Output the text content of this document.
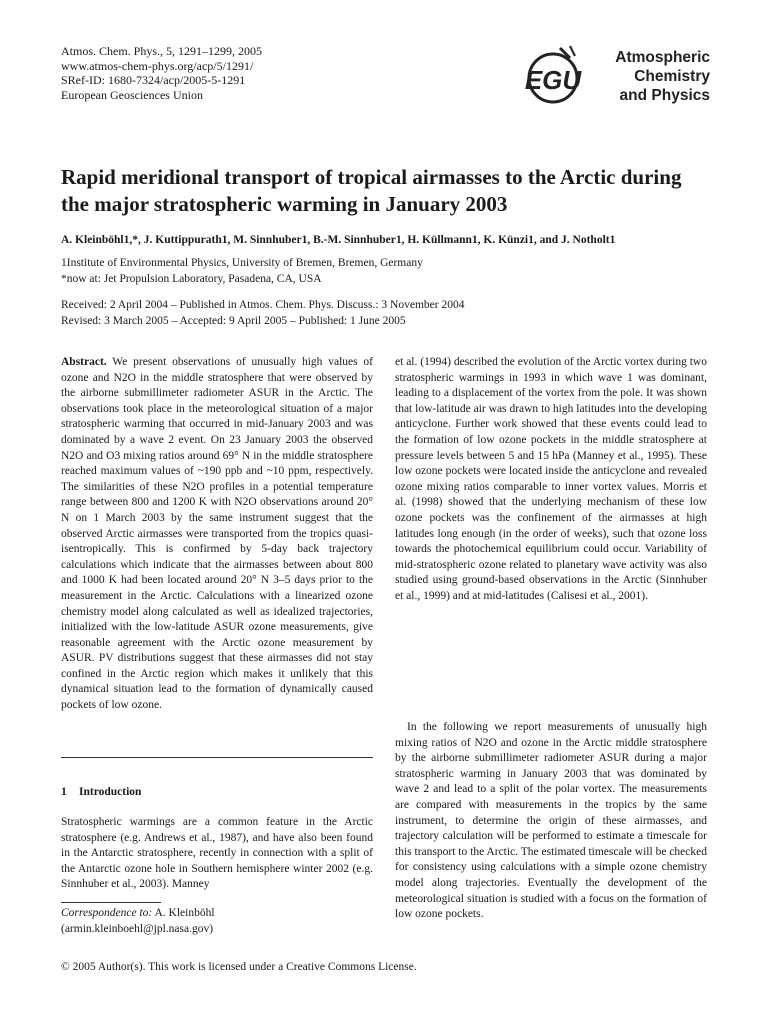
Atmos. Chem. Phys., 5, 1291–1299, 2005
www.atmos-chem-phys.org/acp/5/1291/
SRef-ID: 1680-7324/acp/2005-5-1291
European Geosciences Union	EGU
Atmospheric
Chemistry
and Physics
Rapid meridional transport of tropical airmasses to the Arctic during the major stratospheric warming in January 2003
A. Kleinböhl1,*, J. Kuttippurath1, M. Sinnhuber1, B.-M. Sinnhuber1, H. Küllmann1, K. Künzi1, and J. Notholt1
1Institute of Environmental Physics, University of Bremen, Bremen, Germany
*now at: Jet Propulsion Laboratory, Pasadena, CA, USA
Received: 2 April 2004 – Published in Atmos. Chem. Phys. Discuss.: 3 November 2004
Revised: 3 March 2005 – Accepted: 9 April 2005 – Published: 1 June 2005

Abstract. We present observations of unusually high values of ozone and N2O in the middle stratosphere that were observed by the airborne submillimeter radiometer ASUR in the Arctic. The observations took place in the meteorological situation of a major stratospheric warming that occurred in mid-January 2003 and was dominated by a wave 2 event. On 23 January 2003 the observed N2O and O3 mixing ratios around 69° N in the middle stratosphere reached maximum values of ~190 ppb and ~10 ppm, respectively. The similarities of these N2O profiles in a potential temperature range between 800 and 1200 K with N2O observations around 20° N on 1 March 2003 by the same instrument suggest that the observed Arctic airmasses were transported from the tropics quasi-isentropically. This is confirmed by 5-day back trajectory calculations which indicate that the airmasses between about 800 and 1000 K had been located around 20° N 3–5 days prior to the measurement in the Arctic. Calculations with a linearized ozone chemistry model along calculated as well as idealized trajectories, initialized with the low-latitude ASUR ozone measurements, give reasonable agreement with the Arctic ozone measurement by ASUR. PV distributions suggest that these airmasses did not stay confined in the Arctic region which makes it unlikely that this dynamical situation lead to the formation of dynamically caused pockets of low ozone.

1 Introduction

Stratospheric warmings are a common feature in the Arctic stratosphere (e.g. Andrews et al., 1987), and have also been found in the Antarctic stratosphere, recently in connection with a split of the Antarctic ozone hole in Southern hemisphere winter 2002 (e.g. Sinnhuber et al., 2003). Manney

Correspondence to: A. Kleinböhl
(armin.kleinboehl@jpl.nasa.gov)

et al. (1994) described the evolution of the Arctic vortex during two stratospheric warmings in 1993 in which wave 1 was dominant, leading to a displacement of the vortex from the pole. It was shown that low-latitude air was drawn to high latitudes into the developing anticyclone. Further work showed that these events could lead to the formation of low ozone pockets in the middle stratosphere at pressure levels between 5 and 15 hPa (Manney et al., 1995). These low ozone pockets were located inside the anticyclone and revealed ozone mixing ratios comparable to inner vortex values. Morris et al. (1998) showed that the underlying mechanism of these low ozone pockets was the confinement of the airmasses at high latitudes long enough (in the order of weeks), such that ozone loss towards the photochemical equilibrium could occur. Variability of mid-stratospheric ozone related to planetary wave activity was also studied using ground-based observations in the Arctic (Sinnhuber et al., 1999) and at mid-latitudes (Calisesi et al., 2001).

In the following we report measurements of unusually high mixing ratios of N2O and ozone in the Arctic middle stratosphere by the airborne submillimeter radiometer ASUR during a major stratospheric warming in January 2003 that was dominated by wave 2 and lead to a split of the polar vortex. The measurements are compared with measurements in the tropics by the same instrument, to determine the origin of these airmasses, and trajectory calculation will be performed to estimate a timescale for this transport to the Arctic. The estimated timescale will be checked for consistency using calculations with a simple ozone chemistry model along trajectories. Eventually the development of the meteorological situation is studied with a focus on the formation of low ozone pockets.

© 2005 Author(s). This work is licensed under a Creative Commons License.
